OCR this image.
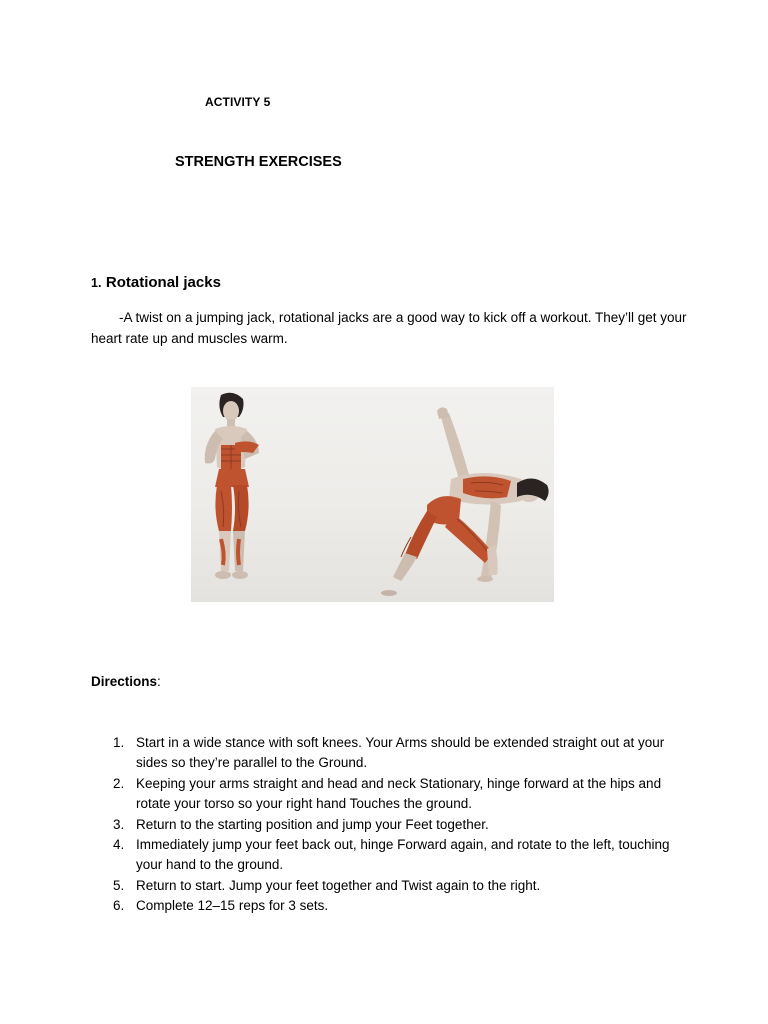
ACTIVITY 5
STRENGTH EXERCISES
1. Rotational jacks
-A twist on a jumping jack, rotational jacks are a good way to kick off a workout. They’ll get your heart rate up and muscles warm.
Directions:
1. Start in a wide stance with soft knees. Your Arms should be extended straight out at your sides so they’re parallel to the Ground.
2. Keeping your arms straight and head and neck Stationary, hinge forward at the hips and rotate your torso so your right hand Touches the ground.
3. Return to the starting position and jump your Feet together.
4. Immediately jump your feet back out, hinge Forward again, and rotate to the left, touching your hand to the ground.
5. Return to start. Jump your feet together and Twist again to the right.
6. Complete 12–15 reps for 3 sets.
